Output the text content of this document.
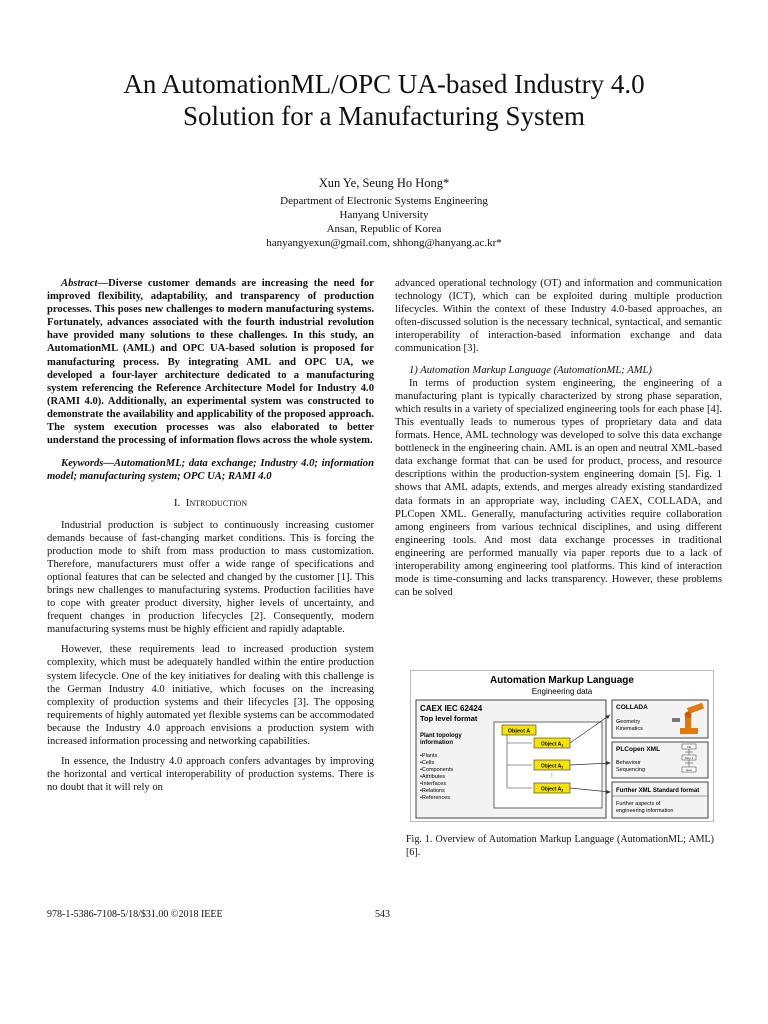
An AutomationML/OPC UA-based Industry 4.0
Solution for a Manufacturing System
Xun Ye, Seung Ho Hong*
Department of Electronic Systems Engineering
Hanyang University
Ansan, Republic of Korea
hanyangyexun@gmail.com, shhong@hanyang.ac.kr*

Abstract—Diverse customer demands are increasing the need for improved flexibility, adaptability, and transparency of production processes. This poses new challenges to modern manufacturing systems. Fortunately, advances associated with the fourth industrial revolution have provided many solutions to these challenges. In this study, an AutomationML (AML) and OPC UA-based solution is proposed for manufacturing process. By integrating AML and OPC UA, we developed a four-layer architecture dedicated to a manufacturing system referencing the Reference Architecture Model for Industry 4.0 (RAMI 4.0). Additionally, an experimental system was constructed to demonstrate the availability and applicability of the proposed approach. The system execution processes was also elaborated to better understand the processing of information flows across the whole system.

Keywords—AutomationML; data exchange; Industry 4.0; information model; manufacturing system; OPC UA; RAMI 4.0

I. Introduction

Industrial production is subject to continuously increasing customer demands because of fast-changing market conditions. This is forcing the production mode to shift from mass production to mass customization. Therefore, manufacturers must offer a wide range of specifications and optional features that can be selected and changed by the customer [1]. This brings new challenges to manufacturing systems. Production facilities have to cope with greater product diversity, higher levels of uncertainty, and frequent changes in production lifecycles [2]. Consequently, modern manufacturing systems must be highly efficient and rapidly adaptable.

However, these requirements lead to increased production system complexity, which must be adequately handled within the entire production system lifecycle. One of the key initiatives for dealing with this challenge is the German Industry 4.0 initiative, which focuses on the increasing complexity of production systems and their lifecycles [3]. The opposing requirements of highly automated yet flexible systems can be accommodated because the Industry 4.0 approach envisions a production system with increased information processing and networking capabilities.

In essence, the Industry 4.0 approach confers advantages by improving the horizontal and vertical interoperability of production systems. There is no doubt that it will rely on

advanced operational technology (OT) and information and communication technology (ICT), which can be exploited during multiple production lifecycles. Within the context of these Industry 4.0-based approaches, an often-discussed solution is the necessary technical, syntactical, and semantic interoperability of interaction-based information exchange and data communication [3].

1) Automation Markup Language (AutomationML; AML)

In terms of production system engineering, the engineering of a manufacturing plant is typically characterized by strong phase separation, which results in a variety of specialized engineering tools for each phase [4]. This eventually leads to numerous types of proprietary data and data formats. Hence, AML technology was developed to solve this data exchange bottleneck in the engineering chain. AML is an open and neutral XML-based data exchange format that can be used for product, process, and resource descriptions within the production-system engineering domain [5]. Fig. 1 shows that AML adapts, extends, and merges already existing standardized data formats in an appropriate way, including CAEX, COLLADA, and PLCopen XML. Generally, manufacturing activities require collaboration among engineers from various technical disciplines, and using different engineering tools. And most data exchange processes in traditional engineering are performed manually via paper reports due to a lack of interoperability among engineering tool platforms. This kind of interaction mode is time-consuming and lacks transparency. However, these problems can be solved

Automation Markup Language
Engineering data
CAEX IEC 62424
Top level format
Plant topology information
•Plants
•Cells
•Components
•Attributes
•Interfaces
•Relations
•References
Object A
Object $A_1$
Object $A_2$
⋮
Object $A_3$
COLLADA
Geometry
Kinematics
PLCopen XML
Behaviour
Sequencing
Init
Step 1
End
Further XML Standard format
Further aspects of
engineering information
Fig. 1. Overview of Automation Markup Language (AutomationML; AML) [6].
978-1-5386-7108-5/18/$31.00 ©2018 IEEE	543
